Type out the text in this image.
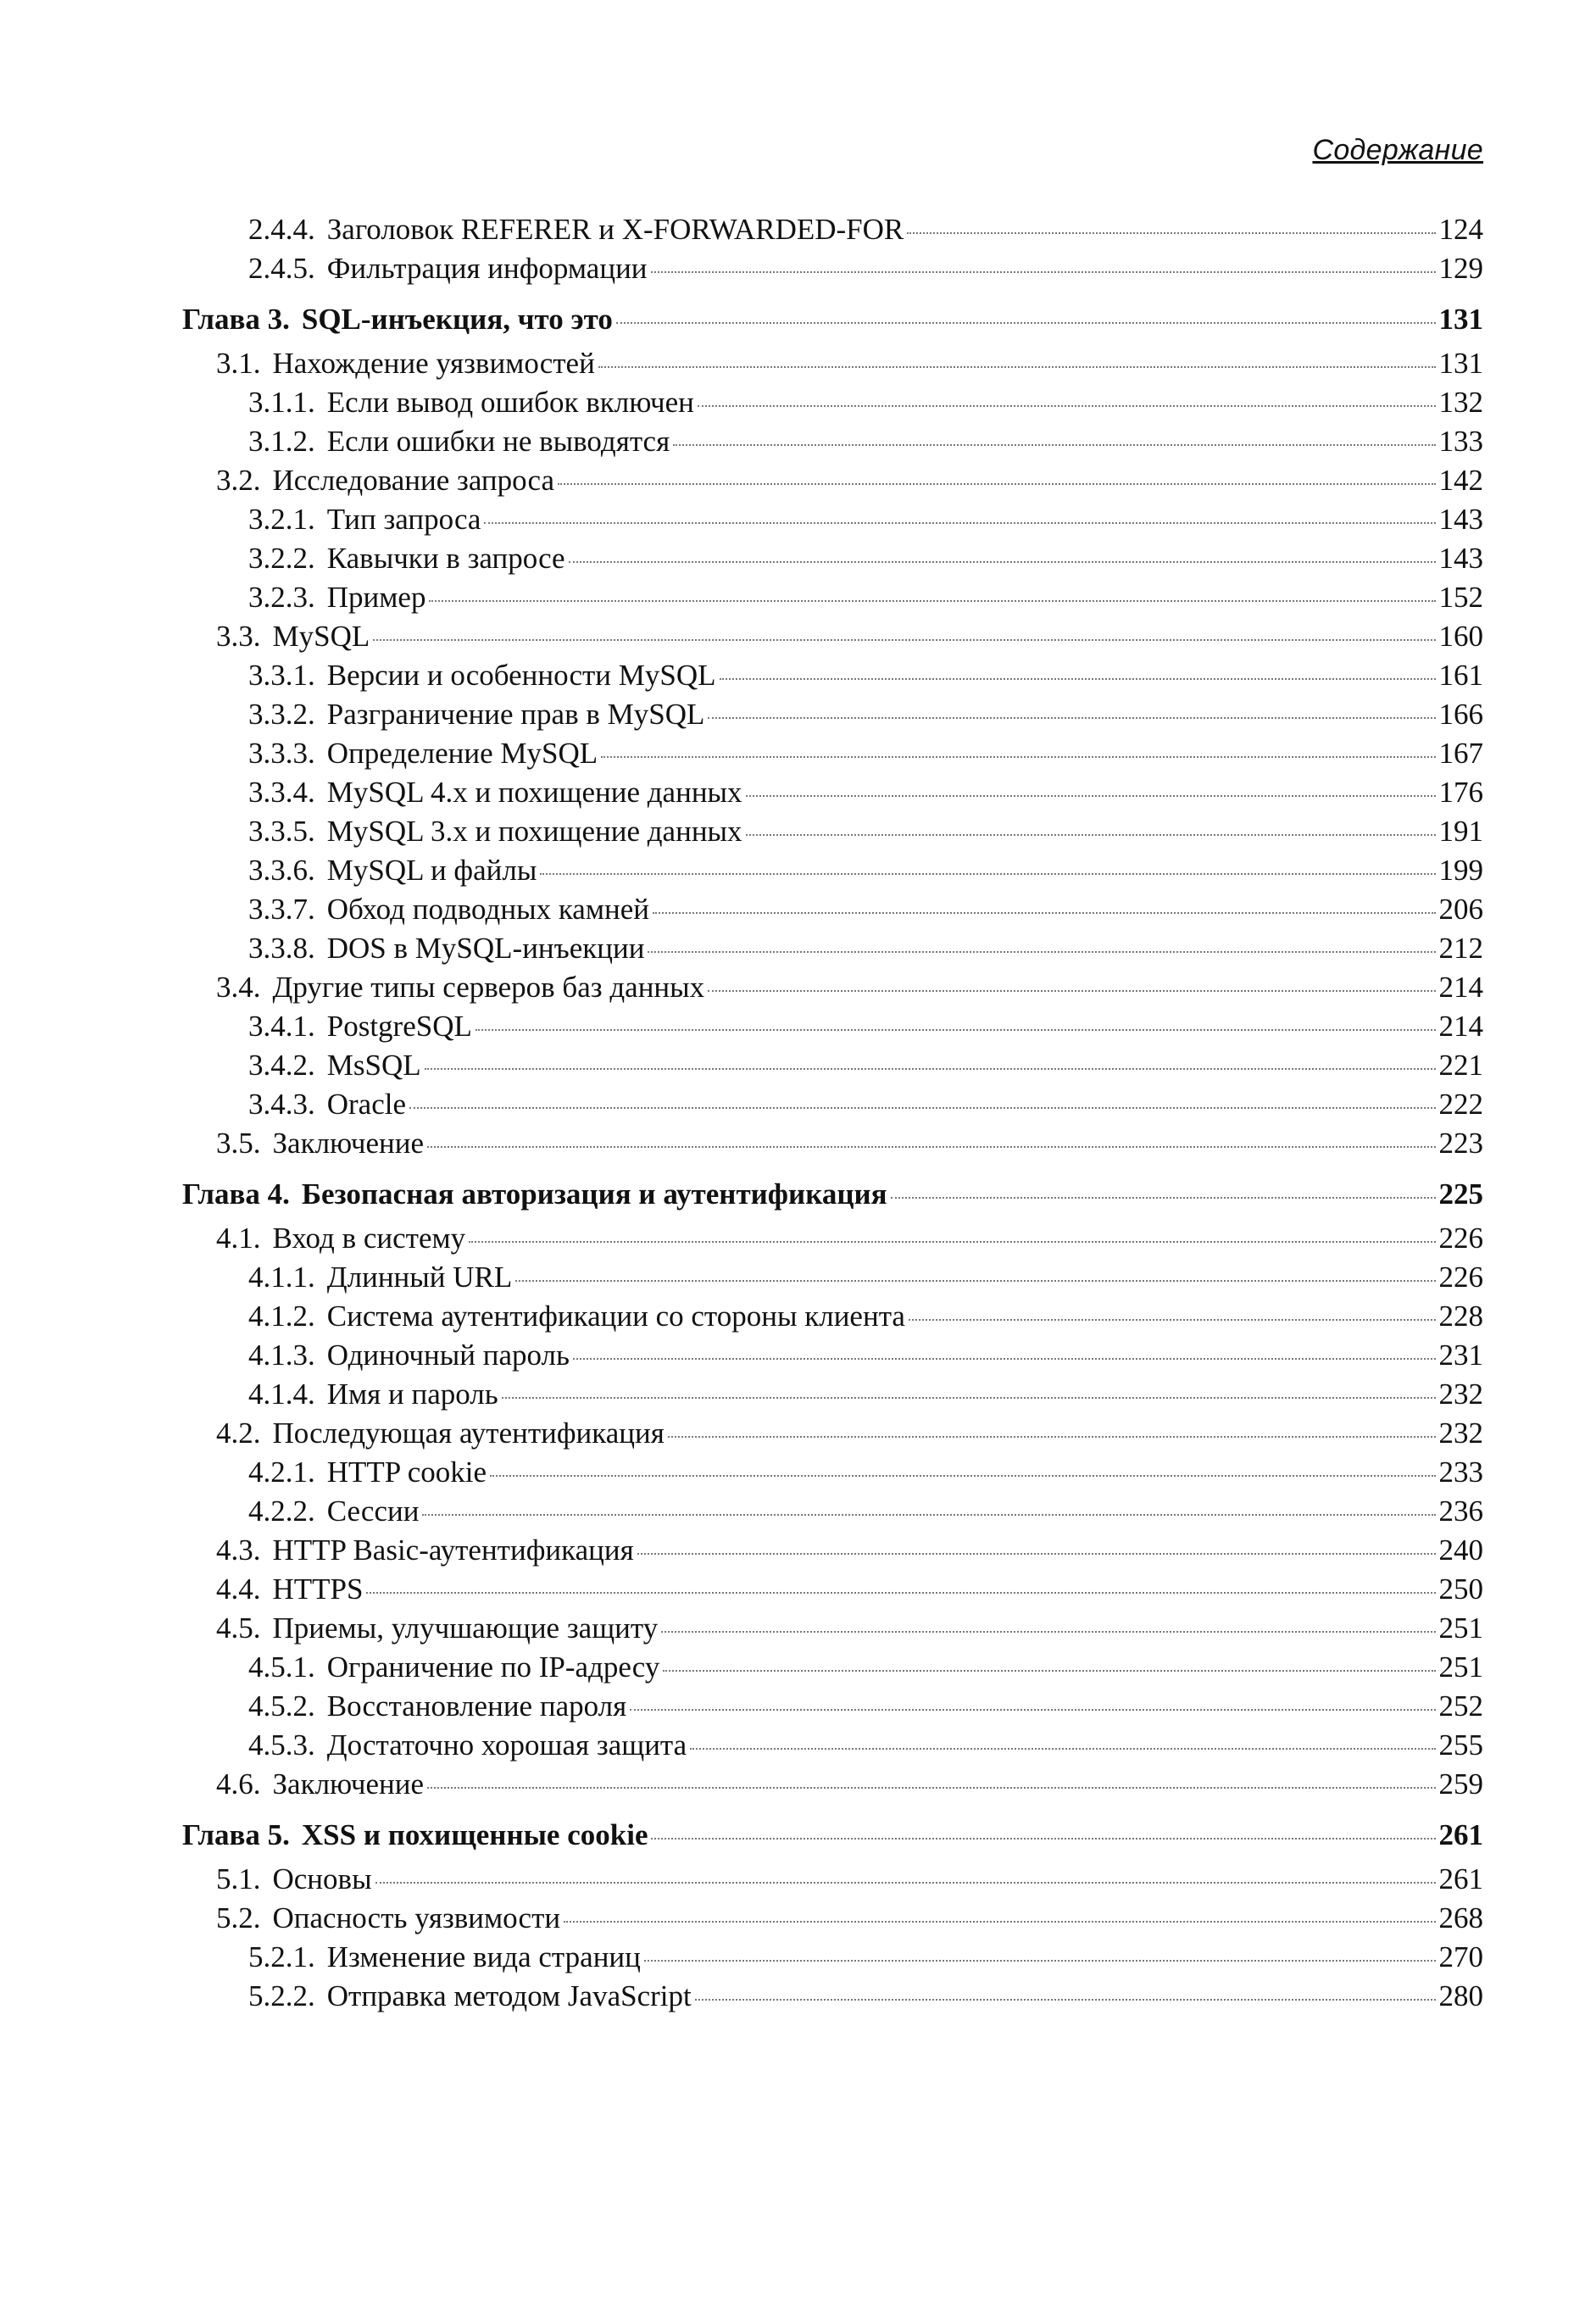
Содержание
2.4.4. Заголовок REFERER и X-FORWARDED-FOR	124
2.4.5. Фильтрация информации	129
Глава 3. SQL-инъекция, что это	131
3.1. Нахождение уязвимостей	131
3.1.1. Если вывод ошибок включен	132
3.1.2. Если ошибки не выводятся	133
3.2. Исследование запроса	142
3.2.1. Тип запроса	143
3.2.2. Кавычки в запросе	143
3.2.3. Пример	152
3.3. MySQL	160
3.3.1. Версии и особенности MySQL	161
3.3.2. Разграничение прав в MySQL	166
3.3.3. Определение MySQL	167
3.3.4. MySQL 4.x и похищение данных	176
3.3.5. MySQL 3.x и похищение данных	191
3.3.6. MySQL и файлы	199
3.3.7. Обход подводных камней	206
3.3.8. DOS в MySQL-инъекции	212
3.4. Другие типы серверов баз данных	214
3.4.1. PostgreSQL	214
3.4.2. MsSQL	221
3.4.3. Oracle	222
3.5. Заключение	223
Глава 4. Безопасная авторизация и аутентификация	225
4.1. Вход в систему	226
4.1.1. Длинный URL	226
4.1.2. Система аутентификации со стороны клиента	228
4.1.3. Одиночный пароль	231
4.1.4. Имя и пароль	232
4.2. Последующая аутентификация	232
4.2.1. HTTP cookie	233
4.2.2. Сессии	236
4.3. HTTP Basic-аутентификация	240
4.4. HTTPS	250
4.5. Приемы, улучшающие защиту	251
4.5.1. Ограничение по IP-адресу	251
4.5.2. Восстановление пароля	252
4.5.3. Достаточно хорошая защита	255
4.6. Заключение	259
Глава 5. XSS и похищенные cookie	261
5.1. Основы	261
5.2. Опасность уязвимости	268
5.2.1. Изменение вида страниц	270
5.2.2. Отправка методом JavaScript	280
